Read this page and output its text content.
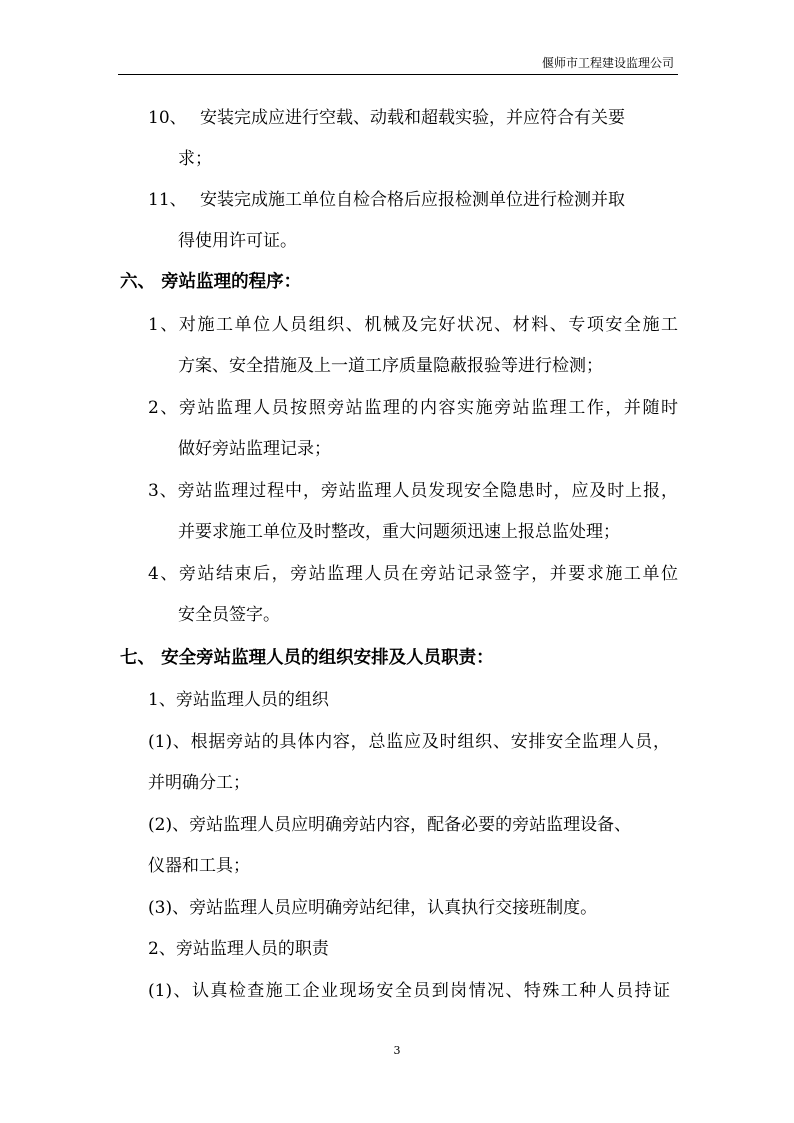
偃师市工程建设监理公司
10、 安装完成应进行空载、动载和超载实验，并应符合有关要
求；
11、 安装完成施工单位自检合格后应报检测单位进行检测并取
得使用许可证。
六、 旁站监理的程序：
1、对施工单位人员组织、机械及完好状况、材料、专项安全施工
方案、安全措施及上一道工序质量隐蔽报验等进行检测；
2、旁站监理人员按照旁站监理的内容实施旁站监理工作，并随时
做好旁站监理记录；
3、旁站监理过程中，旁站监理人员发现安全隐患时，应及时上报，
并要求施工单位及时整改，重大问题须迅速上报总监处理；
4、旁站结束后，旁站监理人员在旁站记录签字，并要求施工单位
安全员签字。
七、 安全旁站监理人员的组织安排及人员职责：
1、旁站监理人员的组织
(1)、根据旁站的具体内容，总监应及时组织、安排安全监理人员，
并明确分工；
(2)、旁站监理人员应明确旁站内容，配备必要的旁站监理设备、
仪器和工具；
(3)、旁站监理人员应明确旁站纪律，认真执行交接班制度。
2、旁站监理人员的职责
(1)、认真检查施工企业现场安全员到岗情况、特殊工种人员持证
3
